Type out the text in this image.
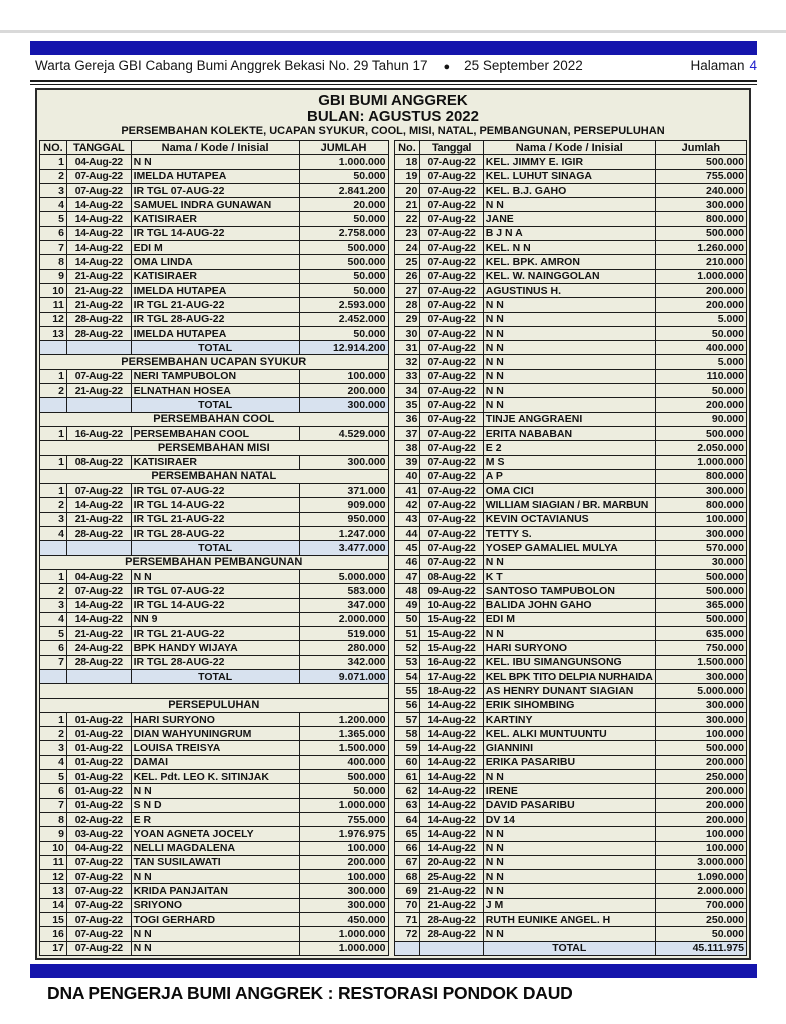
Warta Gereja GBI Cabang Bumi Anggrek Bekasi No. 29 Tahun 17 ● 25 September 2022	Halaman 4
GBI BUMI ANGGREK
BULAN: AGUSTUS 2022
PERSEMBAHAN KOLEKTE, UCAPAN SYUKUR, COOL, MISI, NATAL, PEMBANGUNAN, PERSEPULUHAN
NO.	TANGGAL	Nama / Kode / Inisial	JUMLAH
1	04-Aug-22	N N	1.000.000
2	07-Aug-22	IMELDA HUTAPEA	50.000
3	07-Aug-22	IR TGL 07-AUG-22	2.841.200
4	14-Aug-22	SAMUEL INDRA GUNAWAN	20.000
5	14-Aug-22	KATISIRAER	50.000
6	14-Aug-22	IR TGL 14-AUG-22	2.758.000
7	14-Aug-22	EDI M	500.000
8	14-Aug-22	OMA LINDA	500.000
9	21-Aug-22	KATISIRAER	50.000
10	21-Aug-22	IMELDA HUTAPEA	50.000
11	21-Aug-22	IR TGL 21-AUG-22	2.593.000
12	28-Aug-22	IR TGL 28-AUG-22	2.452.000
13	28-Aug-22	IMELDA HUTAPEA	50.000
		TOTAL	12.914.200
PERSEMBAHAN UCAPAN SYUKUR			
1	07-Aug-22	NERI TAMPUBOLON	100.000
2	21-Aug-22	ELNATHAN HOSEA	200.000
		TOTAL	300.000
PERSEMBAHAN COOL			
1	16-Aug-22	PERSEMBAHAN COOL	4.529.000
PERSEMBAHAN MISI			
1	08-Aug-22	KATISIRAER	300.000
PERSEMBAHAN NATAL			
1	07-Aug-22	IR TGL 07-AUG-22	371.000
2	14-Aug-22	IR TGL 14-AUG-22	909.000
3	21-Aug-22	IR TGL 21-AUG-22	950.000
4	28-Aug-22	IR TGL 28-AUG-22	1.247.000
		TOTAL	3.477.000
PERSEMBAHAN PEMBANGUNAN			
1	04-Aug-22	N N	5.000.000
2	07-Aug-22	IR TGL 07-AUG-22	583.000
3	14-Aug-22	IR TGL 14-AUG-22	347.000
4	14-Aug-22	NN 9	2.000.000
5	21-Aug-22	IR TGL 21-AUG-22	519.000
6	24-Aug-22	BPK HANDY WIJAYA	280.000
7	28-Aug-22	IR TGL 28-AUG-22	342.000
		TOTAL	9.071.000

PERSEPULUHAN			
1	01-Aug-22	HARI SURYONO	1.200.000
2	01-Aug-22	DIAN WAHYUNINGRUM	1.365.000
3	01-Aug-22	LOUISA TREISYA	1.500.000
4	01-Aug-22	DAMAI	400.000
5	01-Aug-22	KEL. Pdt. LEO K. SITINJAK	500.000
6	01-Aug-22	N N	50.000
7	01-Aug-22	S N D	1.000.000
8	02-Aug-22	E R	755.000
9	03-Aug-22	YOAN AGNETA JOCELY	1.976.975
10	04-Aug-22	NELLI MAGDALENA	100.000
11	07-Aug-22	TAN SUSILAWATI	200.000
12	07-Aug-22	N N	100.000
13	07-Aug-22	KRIDA PANJAITAN	300.000
14	07-Aug-22	SRIYONO	300.000
15	07-Aug-22	TOGI GERHARD	450.000
16	07-Aug-22	N N	1.000.000
17	07-Aug-22	N N	1.000.000
No.	Tanggal	Nama / Kode / Inisial	Jumlah
18	07-Aug-22	KEL. JIMMY E. IGIR	500.000
19	07-Aug-22	KEL. LUHUT SINAGA	755.000
20	07-Aug-22	KEL. B.J. GAHO	240.000
21	07-Aug-22	N N	300.000
22	07-Aug-22	JANE	800.000
23	07-Aug-22	B J N A	500.000
24	07-Aug-22	KEL. N N	1.260.000
25	07-Aug-22	KEL. BPK. AMRON	210.000
26	07-Aug-22	KEL. W. NAINGGOLAN	1.000.000
27	07-Aug-22	AGUSTINUS H.	200.000
28	07-Aug-22	N N	200.000
29	07-Aug-22	N N	5.000
30	07-Aug-22	N N	50.000
31	07-Aug-22	N N	400.000
32	07-Aug-22	N N	5.000
33	07-Aug-22	N N	110.000
34	07-Aug-22	N N	50.000
35	07-Aug-22	N N	200.000
36	07-Aug-22	TINJE ANGGRAENI	90.000
37	07-Aug-22	ERITA NABABAN	500.000
38	07-Aug-22	E 2	2.050.000
39	07-Aug-22	M S	1.000.000
40	07-Aug-22	A P	800.000
41	07-Aug-22	OMA CICI	300.000
42	07-Aug-22	WILLIAM SIAGIAN / BR. MARBUN	800.000
43	07-Aug-22	KEVIN OCTAVIANUS	100.000
44	07-Aug-22	TETTY S.	300.000
45	07-Aug-22	YOSEP GAMALIEL MULYA	570.000
46	07-Aug-22	N N	30.000
47	08-Aug-22	K T	500.000
48	09-Aug-22	SANTOSO TAMPUBOLON	500.000
49	10-Aug-22	BALIDA JOHN GAHO	365.000
50	15-Aug-22	EDI M	500.000
51	15-Aug-22	N N	635.000
52	15-Aug-22	HARI SURYONO	750.000
53	16-Aug-22	KEL. IBU SIMANGUNSONG	1.500.000
54	17-Aug-22	KEL BPK TITO DELPIA NURHAIDA	300.000
55	18-Aug-22	AS HENRY DUNANT SIAGIAN	5.000.000
56	14-Aug-22	ERIK SIHOMBING	300.000
57	14-Aug-22	KARTINY	300.000
58	14-Aug-22	KEL. ALKI MUNTUUNTU	100.000
59	14-Aug-22	GIANNINI	500.000
60	14-Aug-22	ERIKA PASARIBU	200.000
61	14-Aug-22	N N	250.000
62	14-Aug-22	IRENE	200.000
63	14-Aug-22	DAVID PASARIBU	200.000
64	14-Aug-22	DV 14	200.000
65	14-Aug-22	N N	100.000
66	14-Aug-22	N N	100.000
67	20-Aug-22	N N	3.000.000
68	25-Aug-22	N N	1.090.000
69	21-Aug-22	N N	2.000.000
70	21-Aug-22	J M	700.000
71	28-Aug-22	RUTH EUNIKE ANGEL. H	250.000
72	28-Aug-22	N N	50.000
		TOTAL	45.111.975
DNA PENGERJA BUMI ANGGREK : RESTORASI PONDOK DAUD
